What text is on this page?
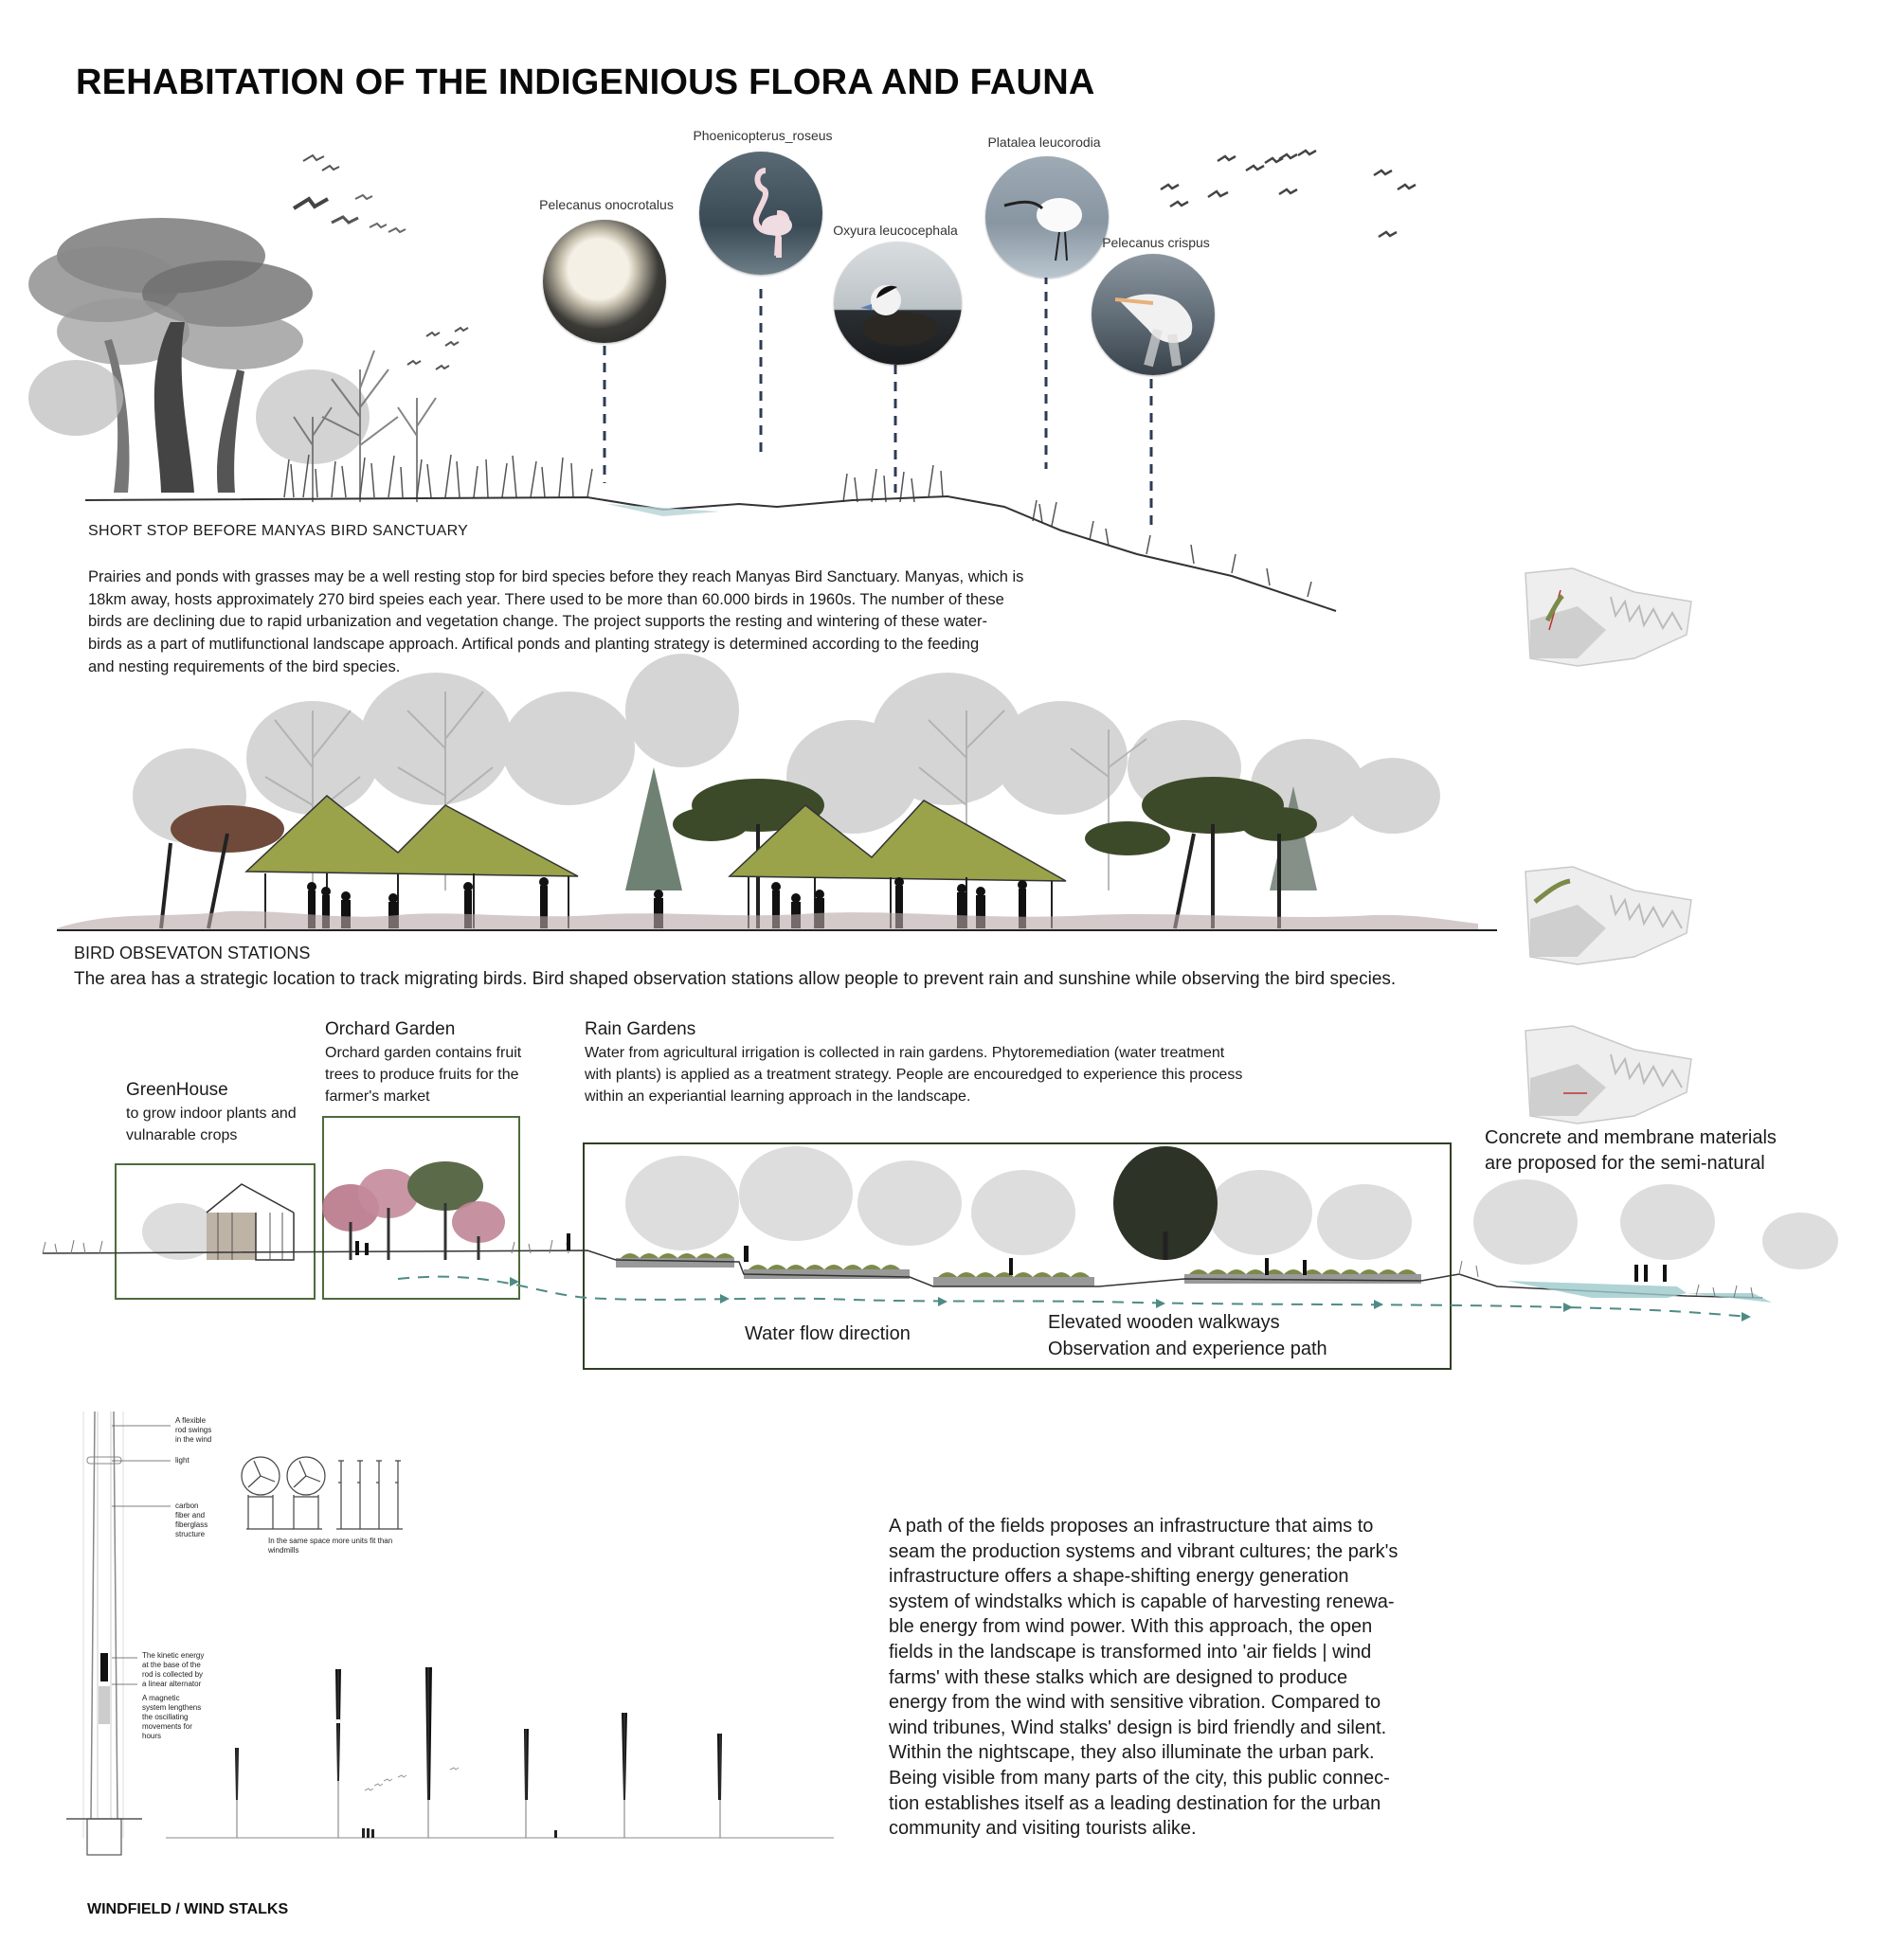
REHABITATION OF THE INDIGENIOUS FLORA AND FAUNA
Pelecanus onocrotalus
Phoenicopterus_roseus
Oxyura leucocephala
Platalea leucorodia
Pelecanus crispus
SHORT STOP BEFORE MANYAS BIRD SANCTUARY
Prairies and ponds with grasses may be a well resting stop for bird species before they reach Manyas Bird Sanctuary. Manyas, which is
18km away, hosts approximately 270 bird speies each year. There used to be more than 60.000 birds in 1960s. The number of these
birds are declining due to rapid urbanization and vegetation change. The project supports the resting and wintering of these water-
birds as a part of mutlifunctional landscape approach. Artifical ponds and planting strategy is determined according to the feeding
and nesting requirements of the bird species.
BIRD OBSEVATON STATIONS
The area has a strategic location to track migrating birds. Bird shaped observation stations allow people to prevent rain and sunshine while observing the bird species.
Orchard Garden
Orchard garden contains fruit
trees to produce fruits for the
farmer's market
Rain Gardens
Water from agricultural irrigation is collected in rain gardens. Phytoremediation (water treatment
with plants) is applied as a treatment strategy. People are encouredged to experience this process
within an experiantial learning approach in the landscape.
GreenHouse
to grow indoor plants and
vulnarable crops	Concrete and membrane materials
are proposed for the semi-natural
Water flow direction
Elevated wooden walkways
Observation and experience path
A flexible
rod swings
in the wind
light
carbon
fiber and
fiberglass
structure
In the same space more units fit than
windmills
The kinetic energy
at the base of the
rod is collected by
a linear alternator
A magnetic
system lengthens
the oscillating
movements for
hours
WINDFIELD / WIND STALKS
A path of the fields proposes an infrastructure that aims to
seam the production systems and vibrant cultures; the park's
infrastructure offers a shape-shifting energy generation
system of windstalks which is capable of harvesting renewa-
ble energy from wind power. With this approach, the open
fields in the landscape is transformed into 'air fields | wind
farms' with these stalks which are designed to produce
energy from the wind with sensitive vibration. Compared to
wind tribunes, Wind stalks' design is bird friendly and silent.
Within the nightscape, they also illuminate the urban park.
Being visible from many parts of the city, this public connec-
tion establishes itself as a leading destination for the urban
community and visiting tourists alike.
